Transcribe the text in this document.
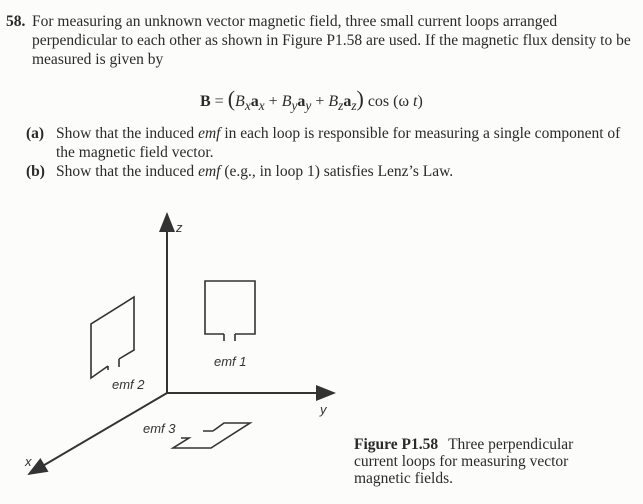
58. For measuring an unknown vector magnetic field, three small current loops arranged perpendicular to each other as shown in Figure P1.58 are used. If the magnetic flux density to be measured is given by
$B = (B_xa_x + B_ya_y + B_za_z)$ cos (ω t)
(a) Show that the induced emf in each loop is responsible for measuring a single component of the magnetic field vector.
(b) Show that the induced emf (e.g., in loop 1) satisfies Lenz’s Law.
z
y
x
emf 1
emf 2
emf 3
Figure P1.58 Three perpendicular current loops for measuring vector magnetic fields.
